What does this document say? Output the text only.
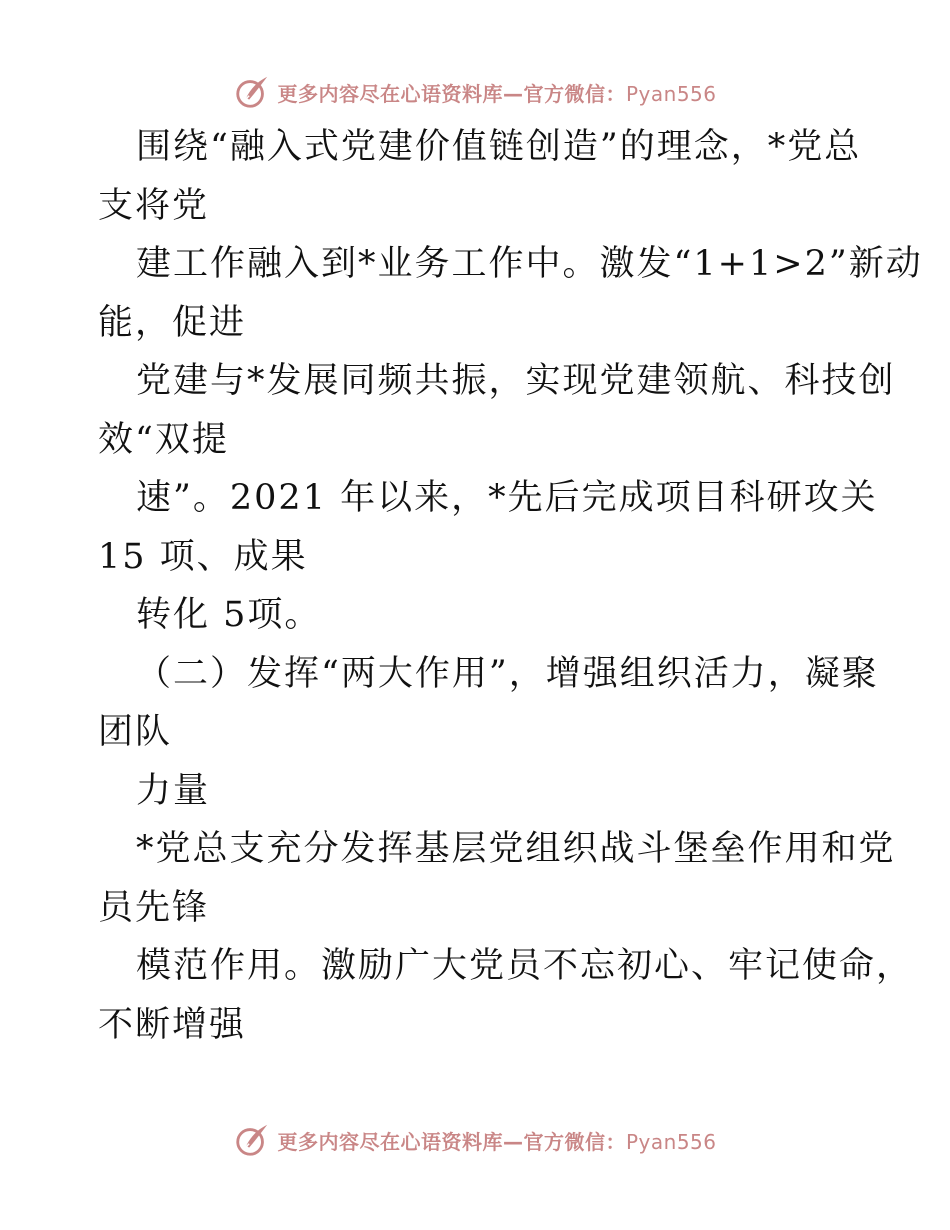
更多内容尽在心语资料库—官方微信：Pyan556
围绕“融入式党建价值链创造”的理念，*党总
支将党
建工作融入到*业务工作中。激发“1+1>2”新动
能，促进
党建与*发展同频共振，实现党建领航、科技创
效“双提
速”。2021 年以来，*先后完成项目科研攻关
15 项、成果
转化 5项。
（二）发挥“两大作用”，增强组织活力，凝聚
团队
力量
*党总支充分发挥基层党组织战斗堡垒作用和党
员先锋
模范作用。激励广大党员不忘初心、牢记使命，
不断增强
更多内容尽在心语资料库—官方微信：Pyan556
